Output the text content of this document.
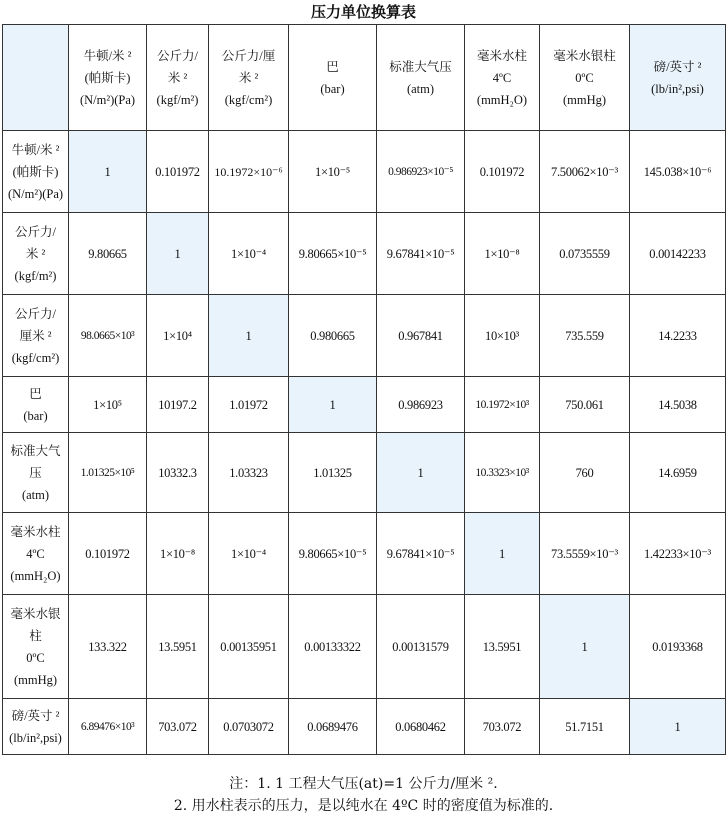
压力单位换算表
	牛顿/米 ²
(帕斯卡)
(N/m²)(Pa)	公斤力/
米 ²
(kgf/m²)	公斤力/厘
米 ²
(kgf/cm²)	巴
(bar)	标准大气压
(atm)	毫米水柱
4ºC
(mmH₂O)	毫米水银柱
0ºC
(mmHg)	磅/英寸 ²
(lb/in²,psi)
牛顿/米 ²
(帕斯卡)
(N/m²)(Pa)	1	0.101972	10.1972×10⁻⁶	1×10⁻⁵	0.986923×10⁻⁵	0.101972	7.50062×10⁻³	145.038×10⁻⁶
公斤力/
米 ²
(kgf/m²)	9.80665	1	1×10⁻⁴	9.80665×10⁻⁵	9.67841×10⁻⁵	1×10⁻⁸	0.0735559	0.00142233
公斤力/
厘米 ²
(kgf/cm²)	98.0665×10³	1×10⁴	1	0.980665	0.967841	10×10³	735.559	14.2233
巴
(bar)	1×10⁵	10197.2	1.01972	1	0.986923	10.1972×10³	750.061	14.5038
标准大气
压
(atm)	1.01325×10⁵	10332.3	1.03323	1.01325	1	10.3323×10³	760	14.6959
毫米水柱
4ºC
(mmH₂O)	0.101972	1×10⁻⁸	1×10⁻⁴	9.80665×10⁻⁵	9.67841×10⁻⁵	1	73.5559×10⁻³	1.42233×10⁻³
毫米水银
柱
0ºC
(mmHg)	133.322	13.5951	0.00135951	0.00133322	0.00131579	13.5951	1	0.0193368
磅/英寸 ²
(lb/in²,psi)	6.89476×10³	703.072	0.0703072	0.0689476	0.0680462	703.072	51.7151	1
注：1. 1 工程大气压(at)=1 公斤力/厘米 ².
2. 用水柱表示的压力，是以纯水在 4ºC 时的密度值为标准的.
